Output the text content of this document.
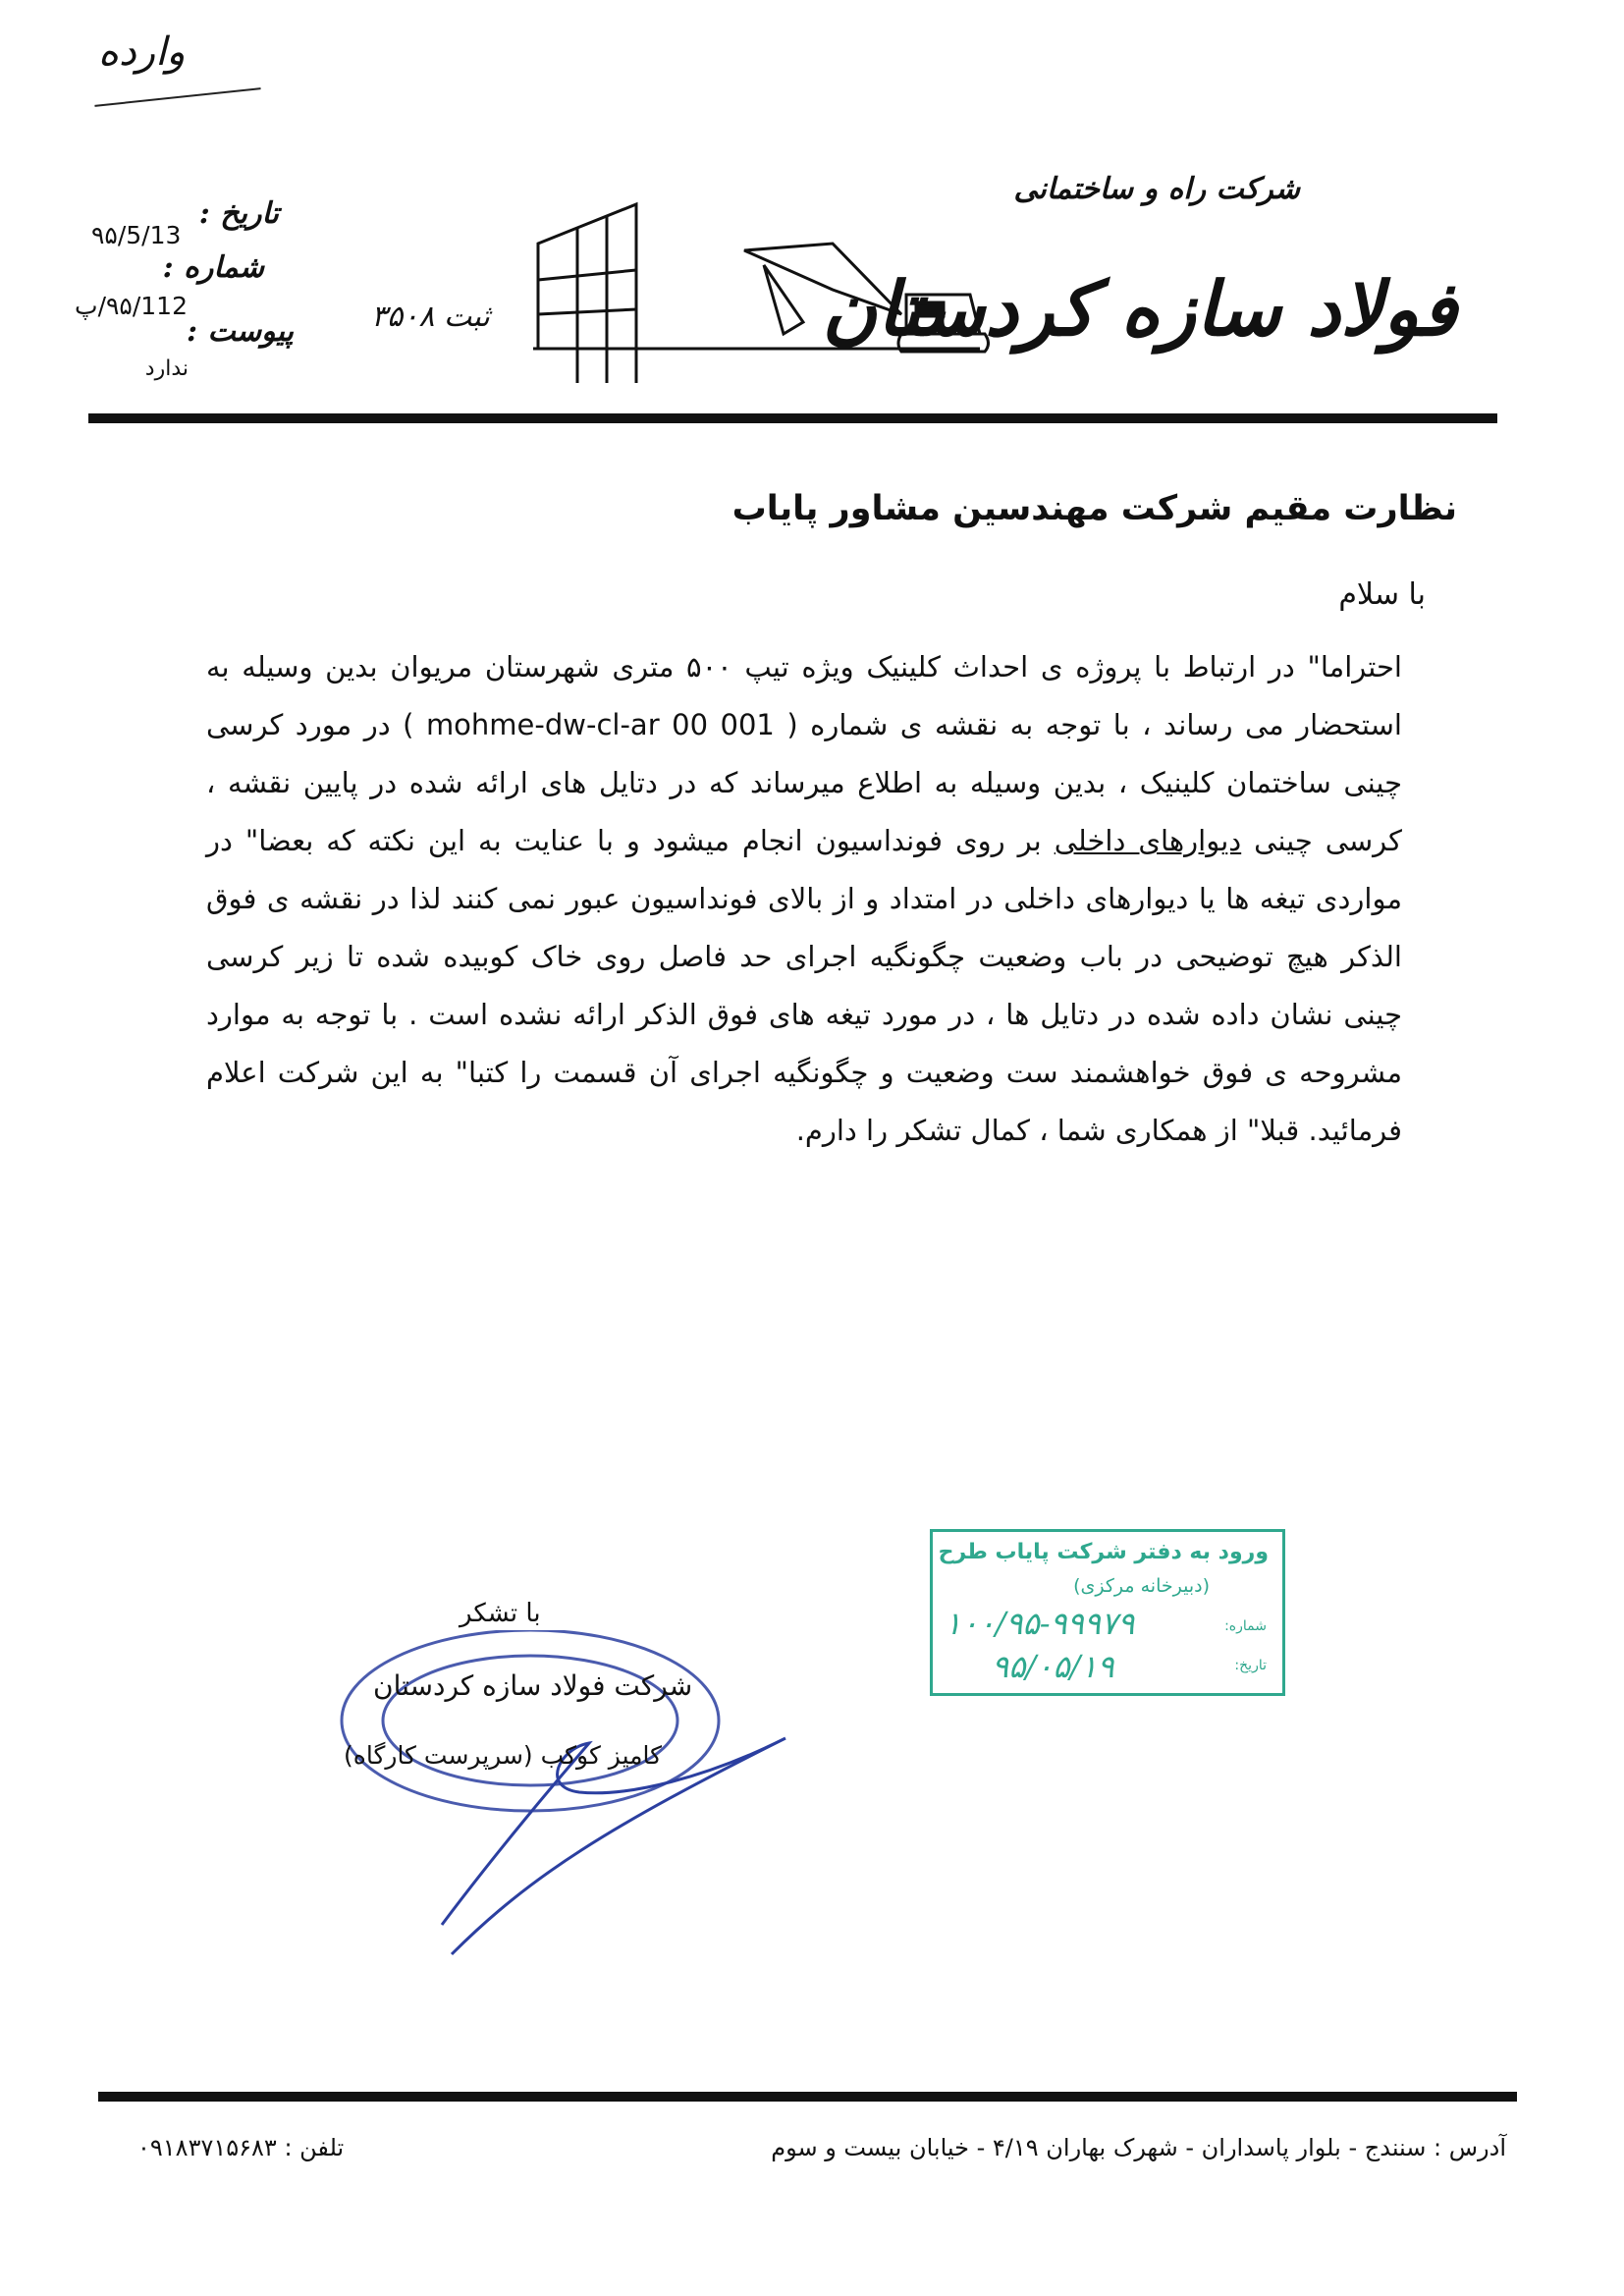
وارده
تاریخ :
۹۵/5/13
شماره :
۹۵/112/پ
پیوست :
ندارد
ثبت ۳۵۰۸
شرکت راه و ساختمانی
فولاد سازه کردستان
نظارت مقیم شرکت مهندسین مشاور پایاب
با سلام
احتراما" در ارتباط با پروژه ی احداث کلینیک ویژه تیپ ۵۰۰ متری شهرستان مریوان بدین وسیله به استحضار می رساند ، با توجه به نقشه ی شماره ( mohme-dw-cl-ar 00 001 ) در مورد کرسی چینی ساختمان کلینیک ، بدین وسیله به اطلاع میرساند که در دتایل های ارائه شده در پایین نقشه ، کرسی چینی دیوارهای داخلی بر روی فونداسیون انجام میشود و با عنایت به این نکته که بعضا" در مواردی تیغه ها یا دیوارهای داخلی در امتداد و از بالای فونداسیون عبور نمی کنند لذا در نقشه ی فوق الذکر هیچ توضیحی در باب وضعیت چگونگیه اجرای حد فاصل روی خاک کوبیده شده تا زیر کرسی چینی نشان داده شده در دتایل ها ، در مورد تیغه های فوق الذکر ارائه نشده است . با توجه به موارد مشروحه ی فوق خواهشمند ست وضعیت و چگونگیه اجرای آن قسمت را کتبا" به این شرکت اعلام فرمائید. قبلا" از همکاری شما ، کمال تشکر را دارم.
ورود به دفتر شرکت پایاب طرح
(دبیرخانه مرکزی)
شماره:
۱۰۰/۹۵-۹۹۹۷۹
تاریخ:
۹۵/۰۵/۱۹
با تشکر
شرکت فولاد سازه کردستان
کامیز کوکب (سرپرست کارگاه)
آدرس : سنندج - بلوار پاسداران - شهرک بهاران ۴/۱۹ - خیابان بیست و سوم
تلفن : ۰۹۱۸۳۷۱۵۶۸۳
